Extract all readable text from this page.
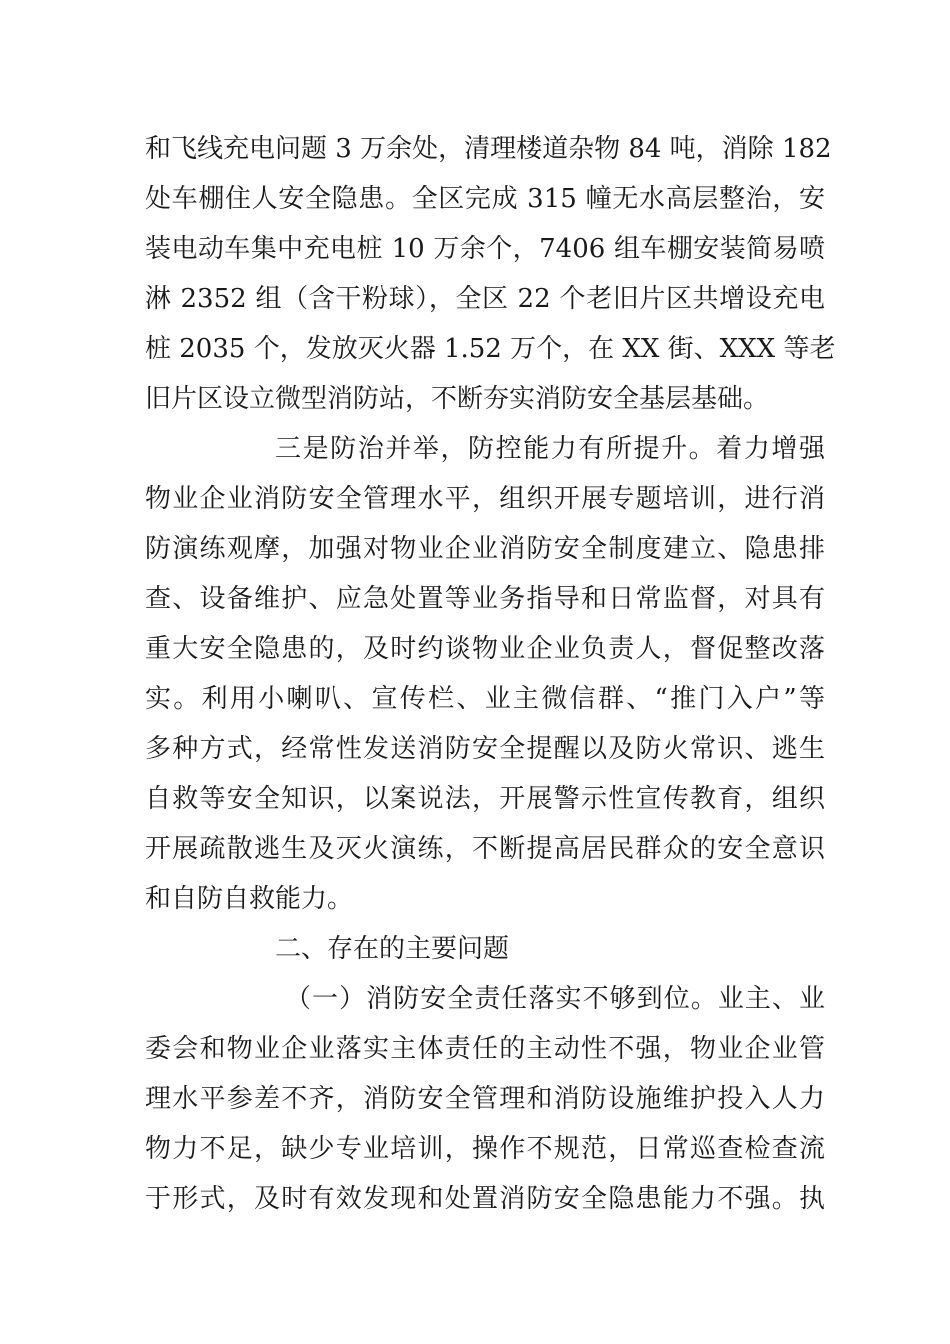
和飞线充电问题 3 万余处，清理楼道杂物 84 吨，消除 182

处车棚住人安全隐患。全区完成 315 幢无水高层整治，安

装电动车集中充电桩 10 万余个，7406 组车棚安装简易喷

淋 2352 组（含干粉球），全区 22 个老旧片区共增设充电

桩 2035 个，发放灭火器 1.52 万个，在 XX 街、XXX 等老

旧片区设立微型消防站，不断夯实消防安全基层基础。

三是防治并举，防控能力有所提升。着力增强

物业企业消防安全管理水平，组织开展专题培训，进行消

防演练观摩，加强对物业企业消防安全制度建立、隐患排

查、设备维护、应急处置等业务指导和日常监督，对具有

重大安全隐患的，及时约谈物业企业负责人，督促整改落

实。利用小喇叭、宣传栏、业主微信群、“推门入户”等

多种方式，经常性发送消防安全提醒以及防火常识、逃生

自救等安全知识，以案说法，开展警示性宣传教育，组织

开展疏散逃生及灭火演练，不断提高居民群众的安全意识

和自防自救能力。

二、存在的主要问题

（一）消防安全责任落实不够到位。业主、业

委会和物业企业落实主体责任的主动性不强，物业企业管

理水平参差不齐，消防安全管理和消防设施维护投入人力

物力不足，缺少专业培训，操作不规范，日常巡查检查流

于形式，及时有效发现和处置消防安全隐患能力不强。执
